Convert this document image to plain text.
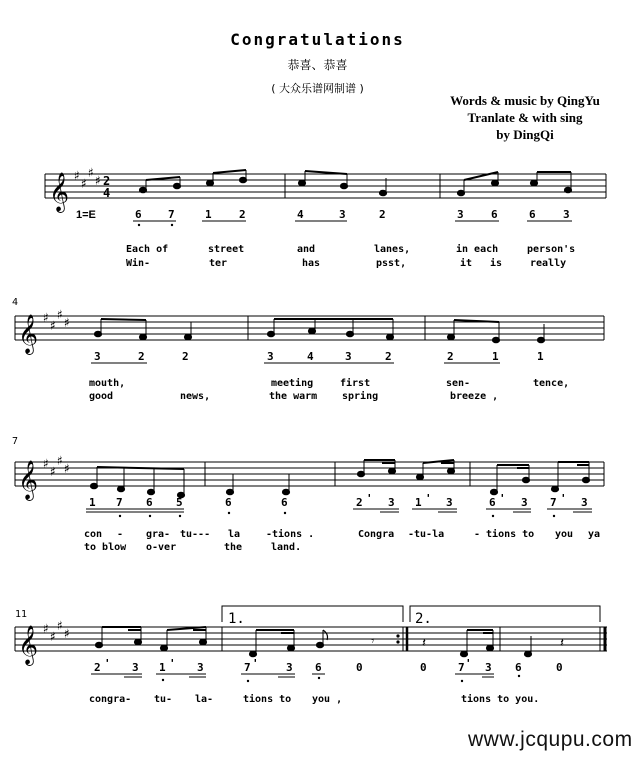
Congratulations
恭喜、恭喜
( 大众乐谱网制谱 )
Words & music by QingYu
Tranlate & with sing
by DingQi
𝄞 ♯
♯
♯
♯ 2
4
1=E	6 7	1 2	4	3	2	3 6	6 3
Each of	street	and	lanes,	in each	person's
Win-	ter	has	psst,	it is	really
4
𝄞 ♯
♯
♯
♯
3	2	2	3	4	3	2	2	1	1
mouth,	meeting	first	sen-	tence,
good	news,	the warm spring	breeze ,
7
𝄞 ♯
♯
♯
♯
1 7 6 5	6	6	2 3 1 3	6 3 7 3
'	'	'	'
con - gra- tu--- la	-tions .	Congra -tu-la	- tions to you ya
to blow o-ver	the	land.
11	1.	2.
𝄞 ♯
♯
♯
♯	𝄾	𝄽	𝄽
2	3 1	3	7	3 6	0	0	7 3 6	0
'	'	'	'
congra- tu- la-	tions to you ,	tions to you.
www.jcqupu.com
